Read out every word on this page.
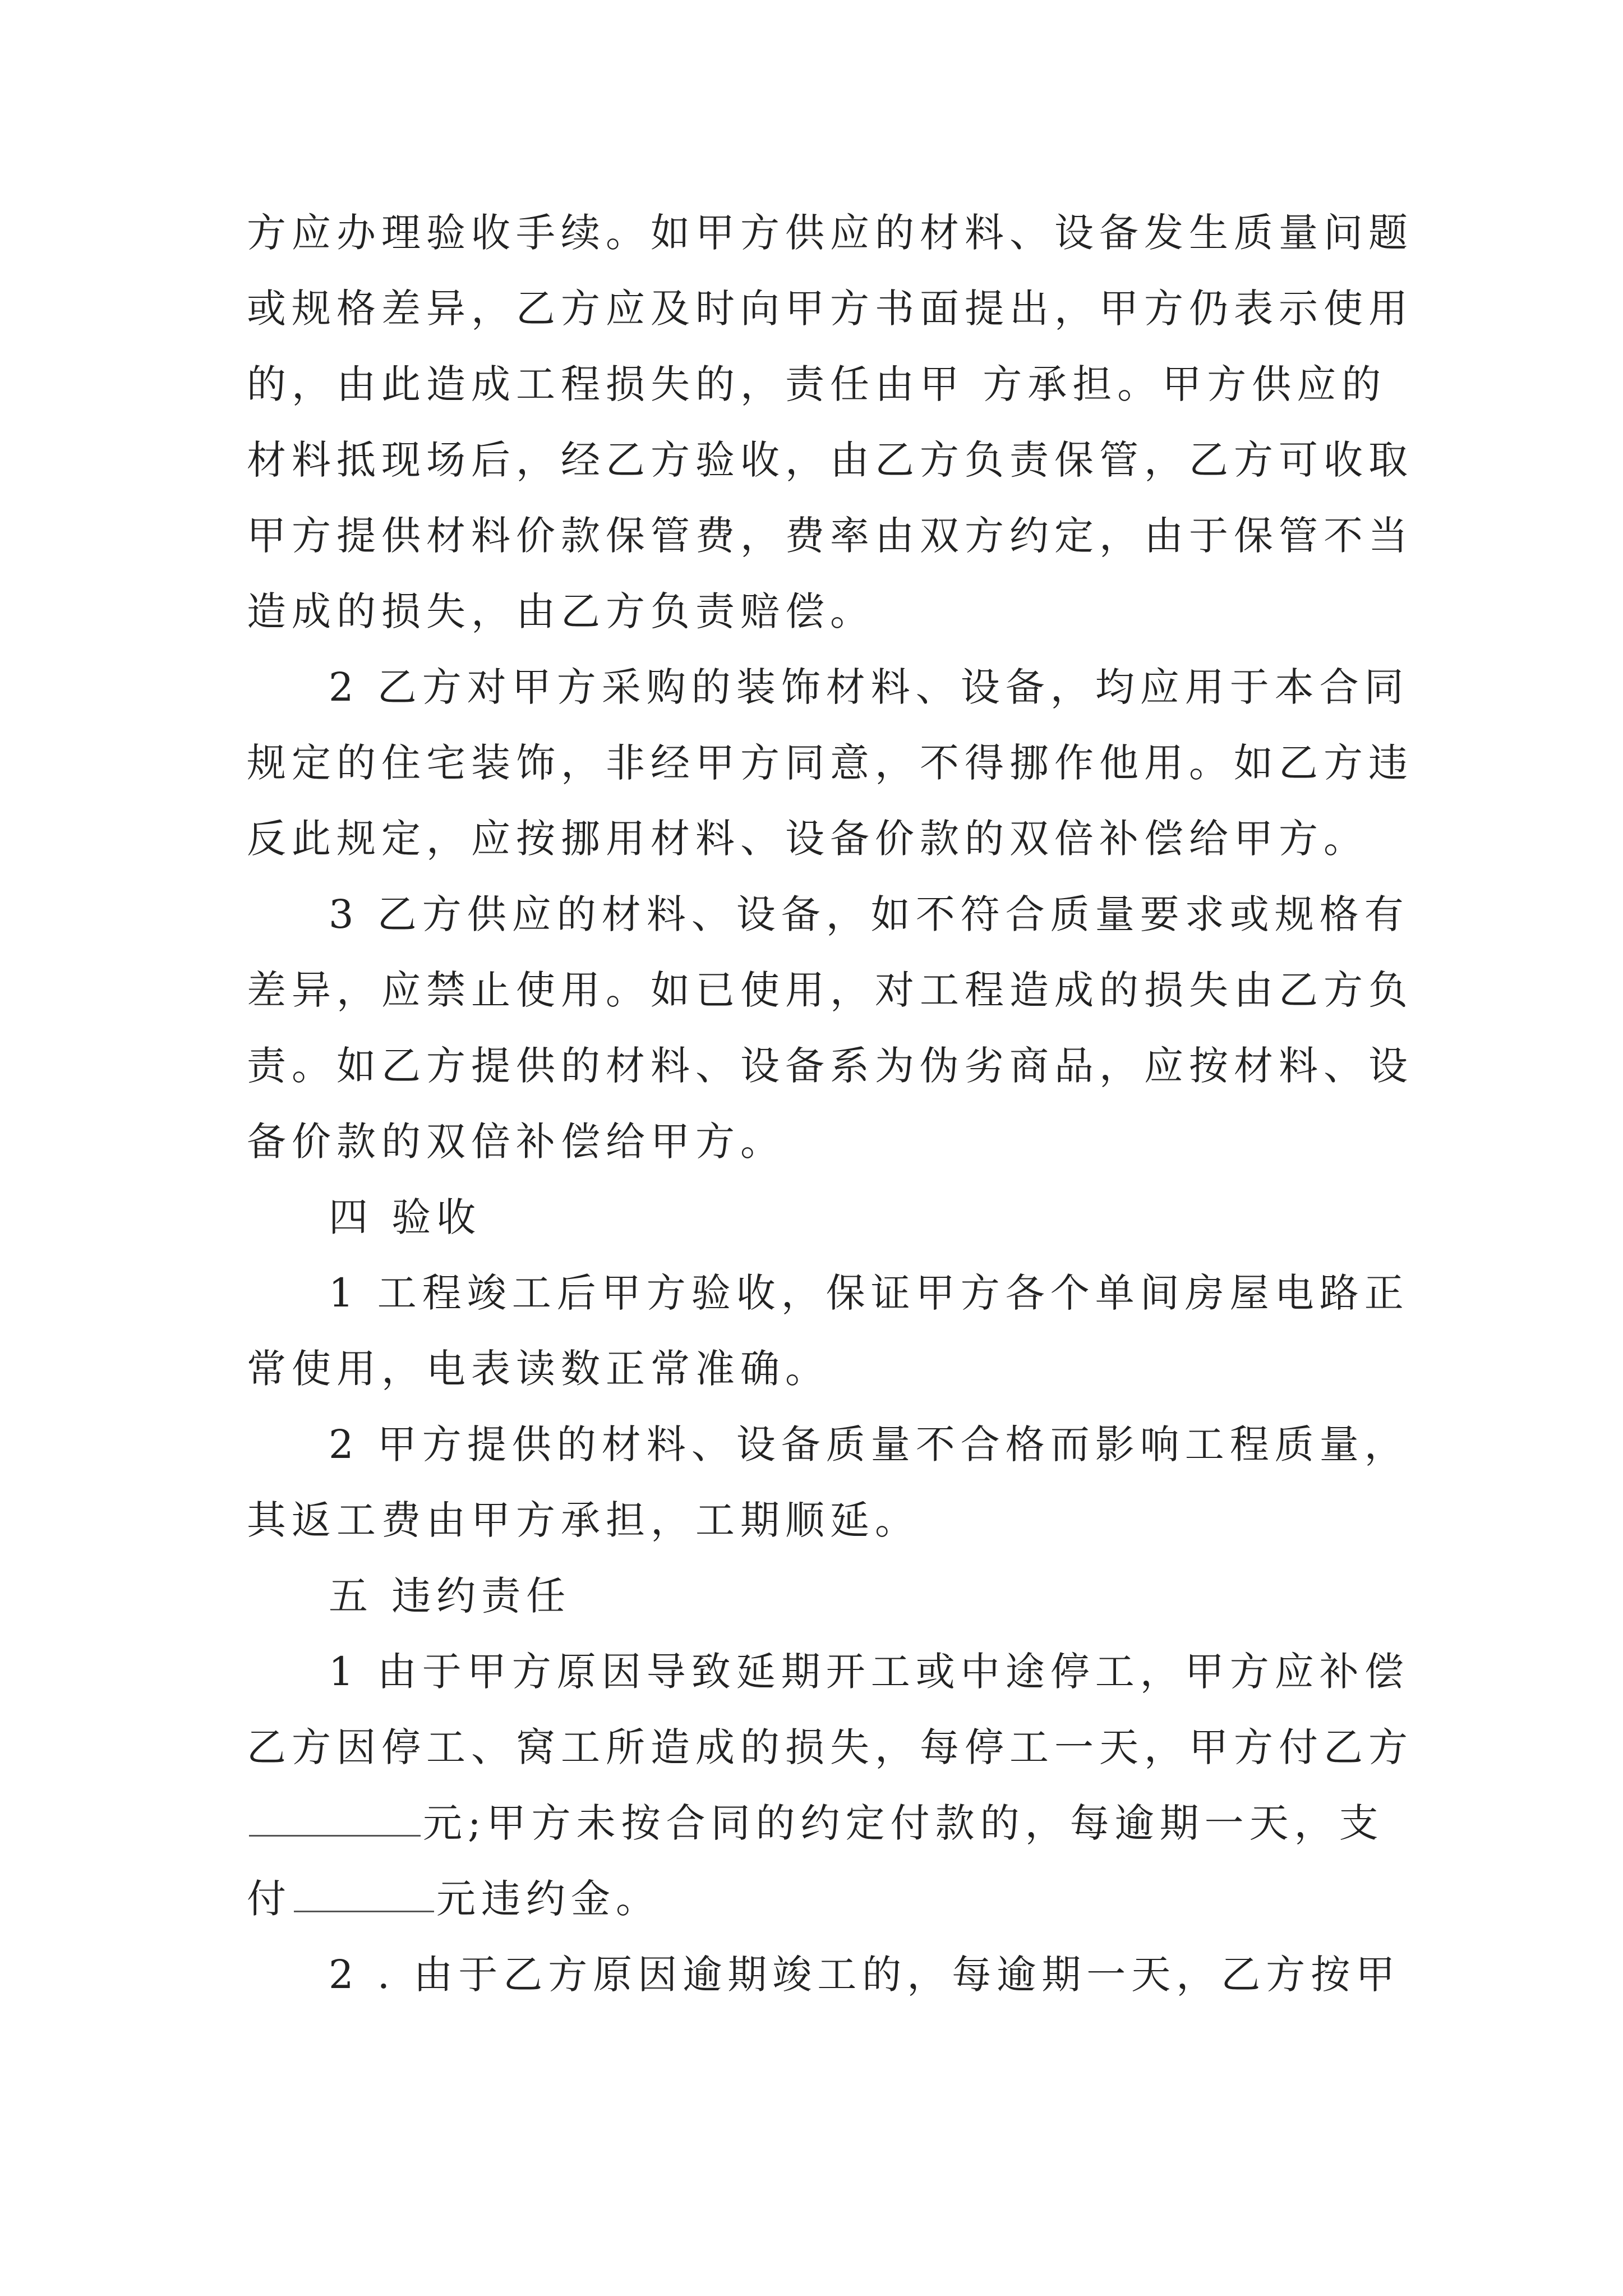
方应办理验收手续。如甲方供应的材料、设备发生质量问题
或规格差异，乙方应及时向甲方书面提出，甲方仍表示使用
的，由此造成工程损失的，责任由甲 方承担。甲方供应的
材料抵现场后，经乙方验收，由乙方负责保管，乙方可收取
甲方提供材料价款保管费，费率由双方约定，由于保管不当
造成的损失，由乙方负责赔偿。
2 乙方对甲方采购的装饰材料、设备，均应用于本合同
规定的住宅装饰，非经甲方同意，不得挪作他用。如乙方违
反此规定，应按挪用材料、设备价款的双倍补偿给甲方。
3 乙方供应的材料、设备，如不符合质量要求或规格有
差异，应禁止使用。如已使用，对工程造成的损失由乙方负
责。如乙方提供的材料、设备系为伪劣商品，应按材料、设
备价款的双倍补偿给甲方。
四 验收
1 工程竣工后甲方验收，保证甲方各个单间房屋电路正
常使用，电表读数正常准确。
2 甲方提供的材料、设备质量不合格而影响工程质量，
其返工费由甲方承担，工期顺延。
五 违约责任
1 由于甲方原因导致延期开工或中途停工，甲方应补偿
乙方因停工、窝工所造成的损失，每停工一天，甲方付乙方
元;甲方未按合同的约定付款的，每逾期一天，支
付	元违约金。
2 . 由于乙方原因逾期竣工的，每逾期一天，乙方按甲
